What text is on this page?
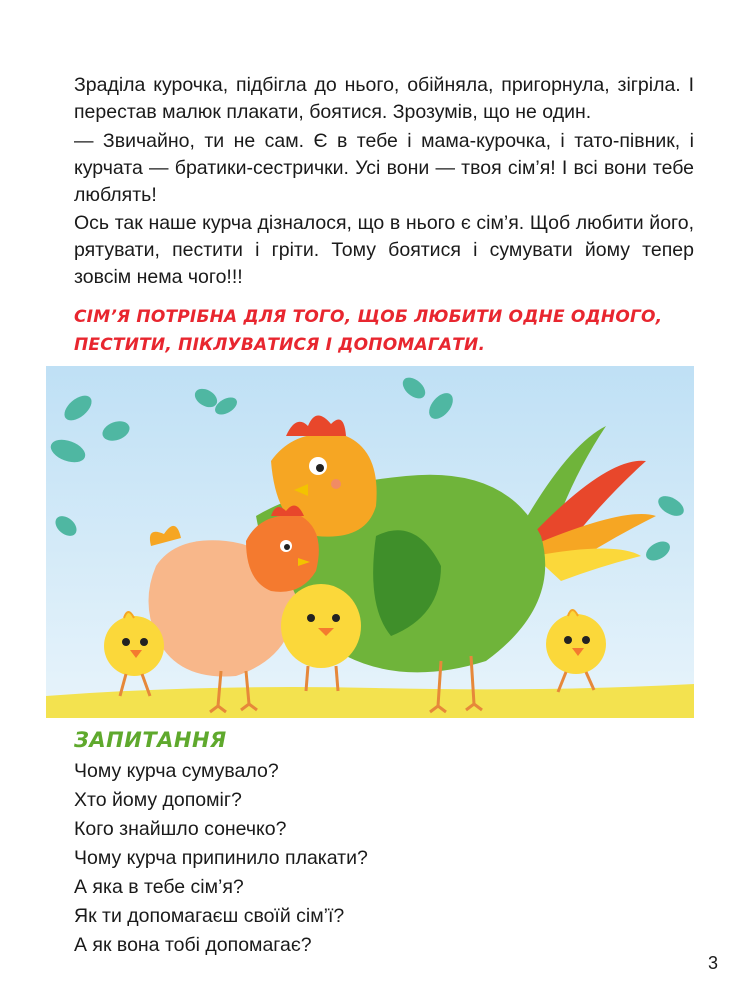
Зраділа курочка, підбігла до нього, обійняла, пригорнула, зігріла. І перестав малюк плакати, боятися. Зрозумів, що не один.

— Звичайно, ти не сам. Є в тебе і мама-курочка, і тато-півник, і курчата — братики-сестрички. Усі вони — твоя сім’я! І всі вони тебе люблять!

Ось так наше курча дізналося, що в нього є сім’я. Щоб любити його, рятувати, пестити і гріти. Тому боятися і сумувати йому тепер зовсім нема чого!!!

СІМ’Я ПОТРІБНА ДЛЯ ТОГО, ЩОБ ЛЮБИТИ ОДНЕ ОДНОГО,
ПЕСТИТИ, ПІКЛУВАТИСЯ І ДОПОМАГАТИ.
ЗАПИТАННЯ
Чому курча сумувало?
Хто йому допоміг?
Кого знайшло сонечко?
Чому курча припинило плакати?
А яка в тебе сім’я?
Як ти допомагаєш своїй сім’ї?
А як вона тобі допомагає?
3
